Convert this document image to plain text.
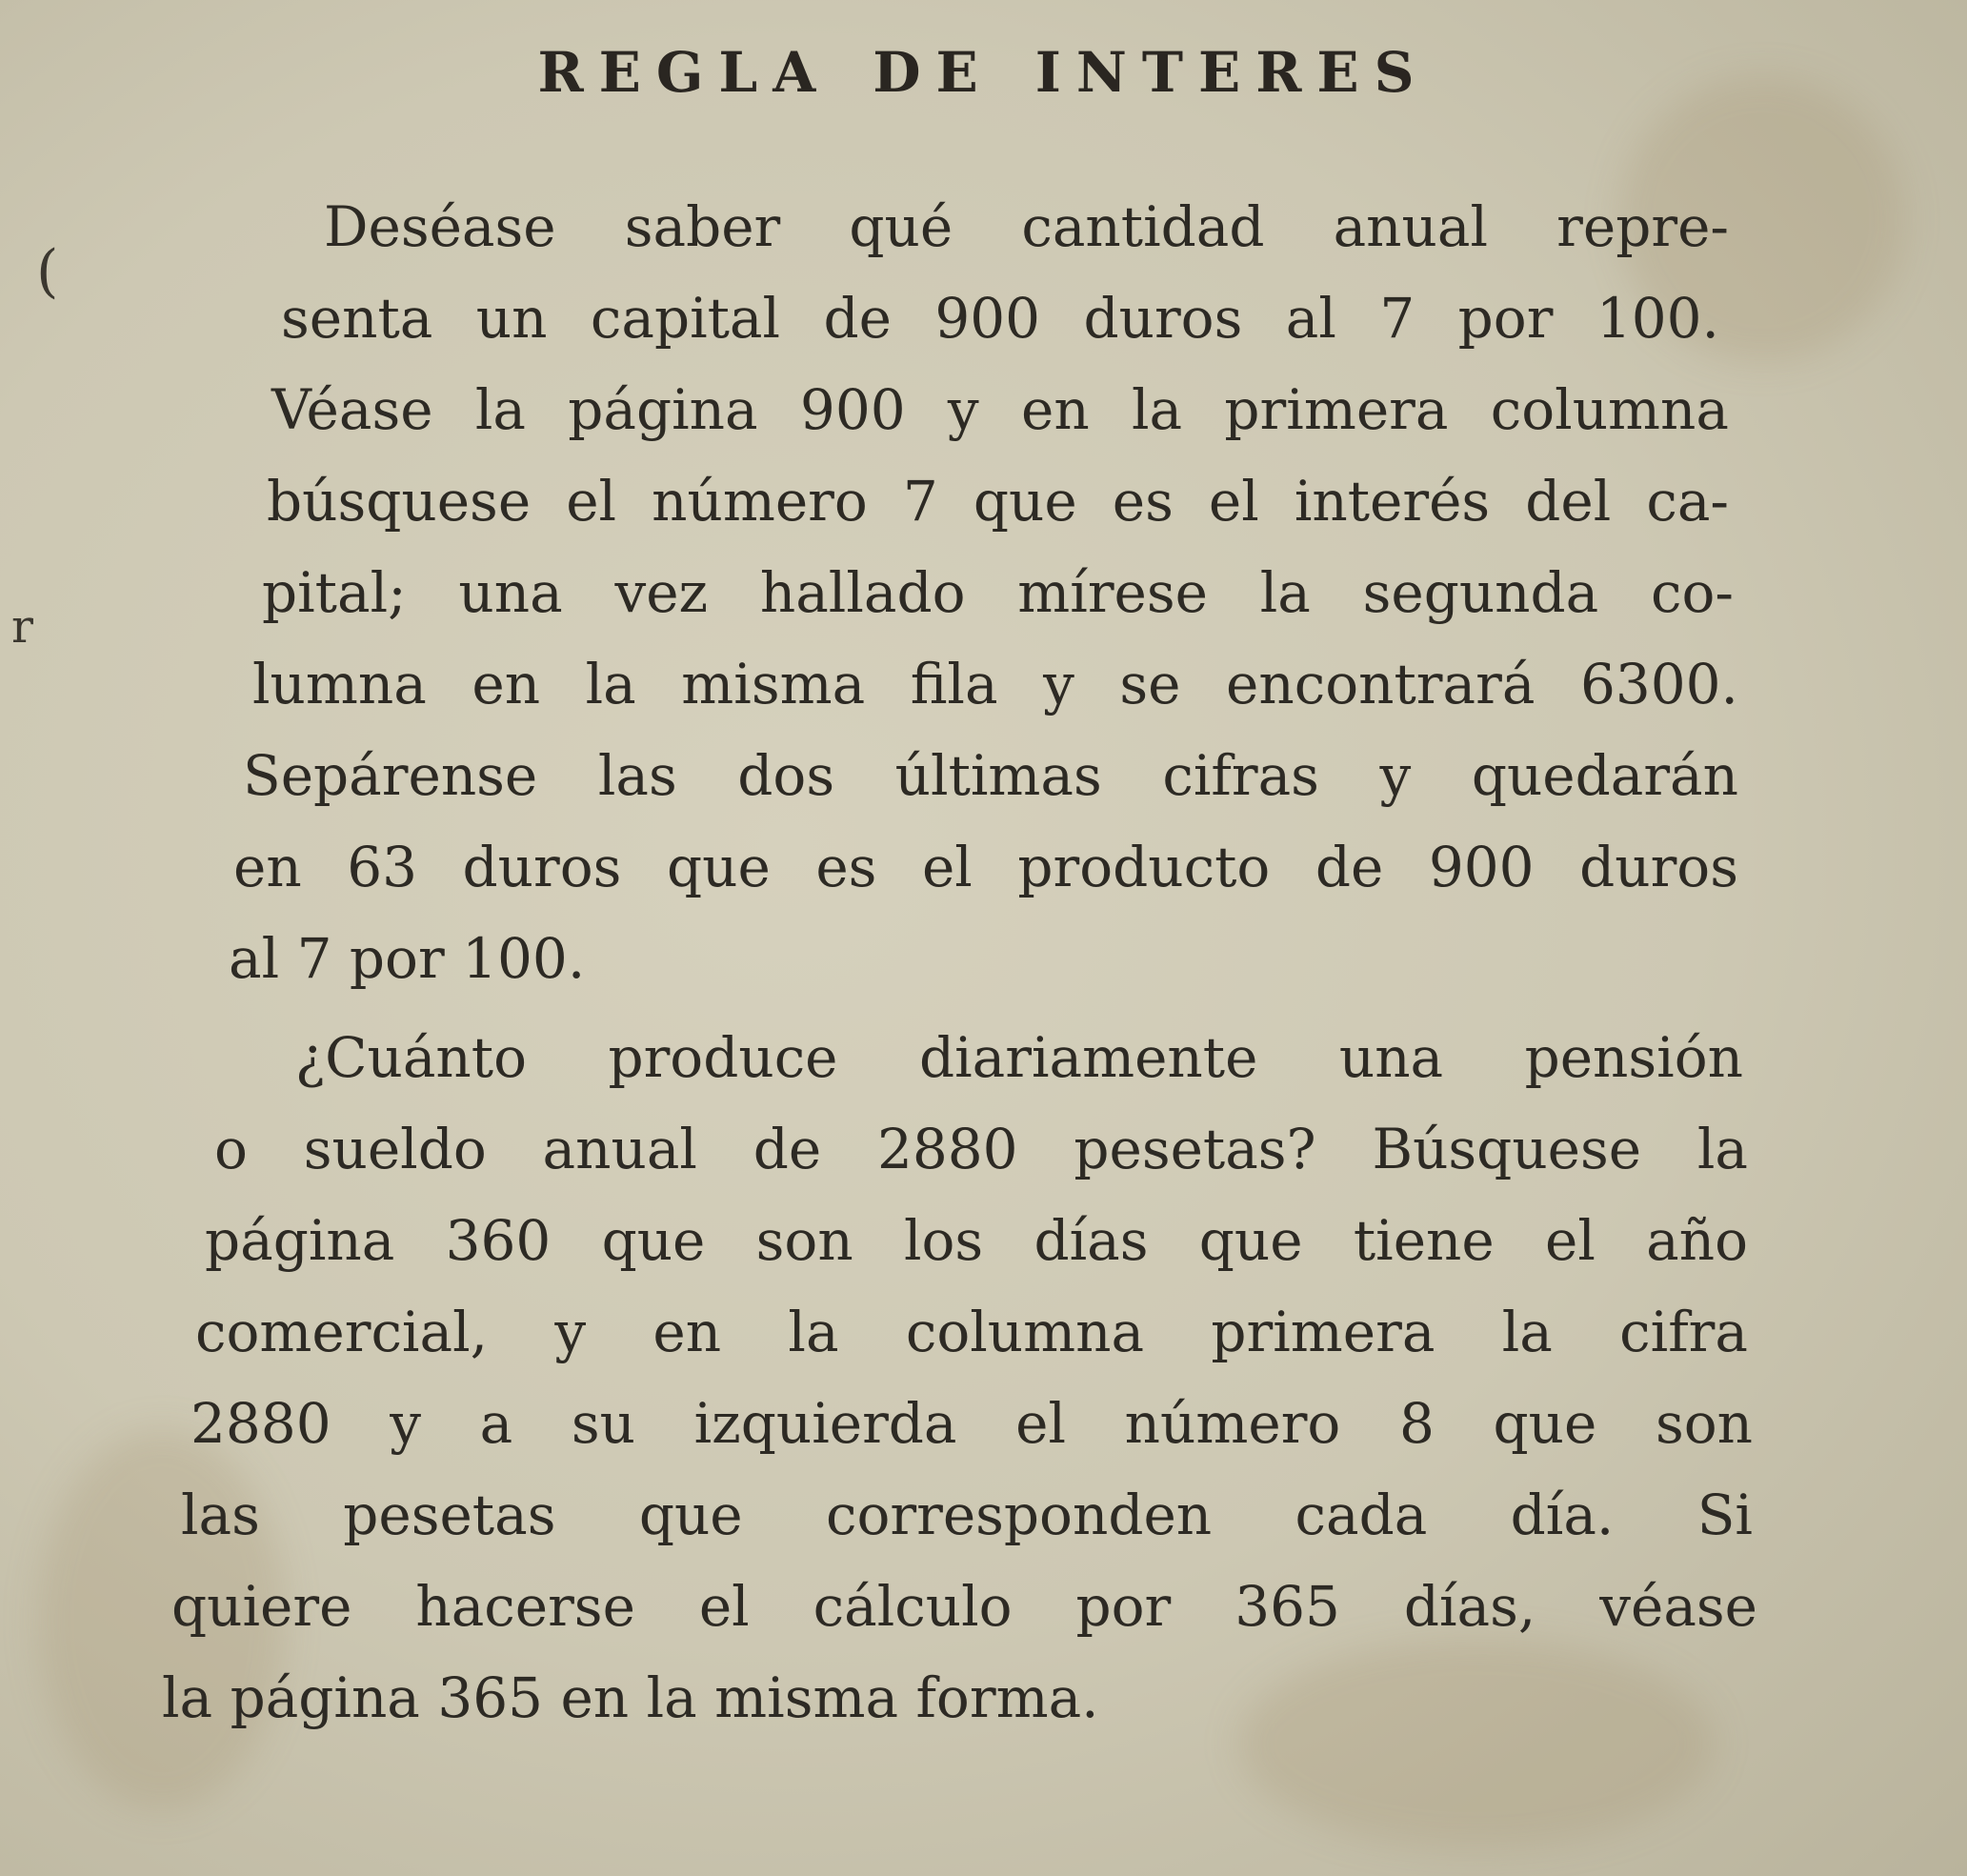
(
r
REGLA DE INTERES
Deséase saber qué cantidad anual repre-
senta un capital de 900 duros al 7 por 100.
Véase la página 900 y en la primera columna
búsquese el número 7 que es el interés del ca-
pital; una vez hallado mírese la segunda co-
lumna en la misma fila y se encontrará 6300.
Sepárense las dos últimas cifras y quedarán
en 63 duros que es el producto de 900 duros
al 7 por 100.
¿Cuánto produce diariamente una pensión
o sueldo anual de 2880 pesetas? Búsquese la
página 360 que son los días que tiene el año
comercial, y en la columna primera la cifra
2880 y a su izquierda el número 8 que son
las pesetas que corresponden cada día. Si
quiere hacerse el cálculo por 365 días, véase
la página 365 en la misma forma.
